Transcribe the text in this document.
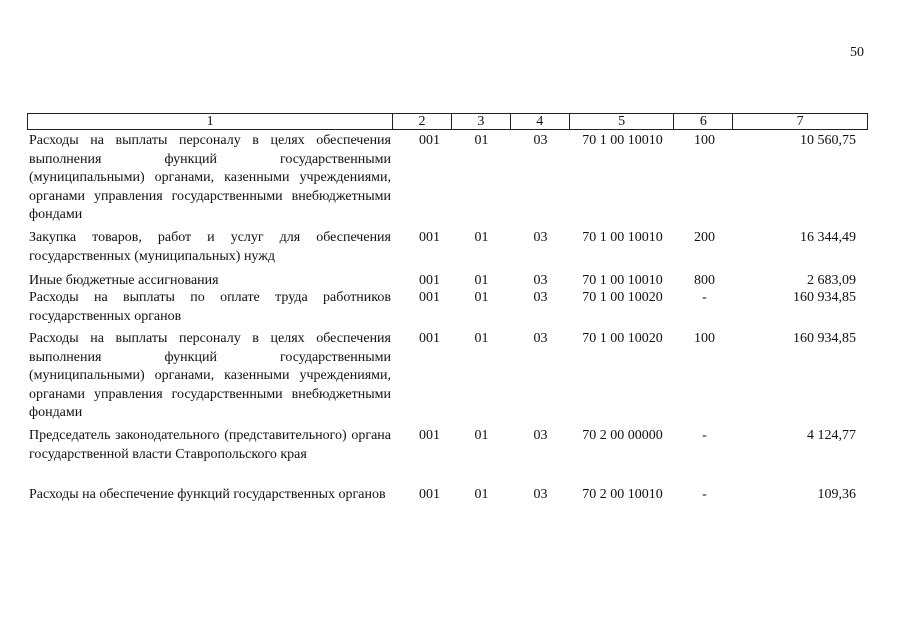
50
1	2	3	4	5	6	7
Расходы на выплаты персоналу в целях обеспечения выполнения функций государственными (муниципальными) органами, казенными учреждениями, органами управления государственными внебюджетными фондами
001	01	03	70 1 00 10010	100	10 560,75
Закупка товаров, работ и услуг для обеспечения государственных (муниципальных) нужд
001	01	03	70 1 00 10010	200	16 344,49
Иные бюджетные ассигнования	001	01	03	70 1 00 10010	800	2 683,09
Расходы на выплаты по оплате труда работников государственных органов
001	01	03	70 1 00 10020	-	160 934,85
Расходы на выплаты персоналу в целях обеспечения выполнения функций государственными (муниципальными) органами, казенными учреждениями, органами управления государственными внебюджетными фондами
001	01	03	70 1 00 10020	100	160 934,85
Председатель законодательного (представительного) органа государственной власти Ставропольского края
001	01	03	70 2 00 00000	-	4 124,77
Расходы на обеспечение функций государственных органов	001	01	03	70 2 00 10010	-	109,36
